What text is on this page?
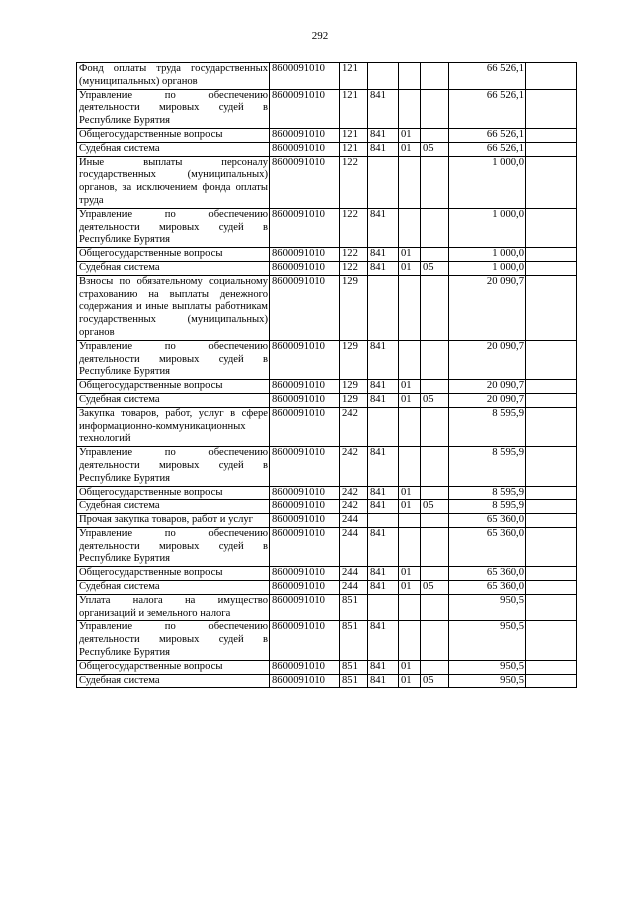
292
Фонд оплаты труда государственных (муниципальных) органов	8600091010	121				66 526,1	
Управление по обеспечению деятельности мировых судей в Республике Бурятия	8600091010	121	841			66 526,1	
Общегосударственные вопросы	8600091010	121	841	01		66 526,1	
Судебная система	8600091010	121	841	01	05	66 526,1	
Иные выплаты персоналу государственных (муниципальных) органов, за исключением фонда оплаты труда	8600091010	122				1 000,0	
Управление по обеспечению деятельности мировых судей в Республике Бурятия	8600091010	122	841			1 000,0	
Общегосударственные вопросы	8600091010	122	841	01		1 000,0	
Судебная система	8600091010	122	841	01	05	1 000,0	
Взносы по обязательному социальному страхованию на выплаты денежного содержания и иные выплаты работникам государственных (муниципальных) органов	8600091010	129				20 090,7	
Управление по обеспечению деятельности мировых судей в Республике Бурятия	8600091010	129	841			20 090,7	
Общегосударственные вопросы	8600091010	129	841	01		20 090,7	
Судебная система	8600091010	129	841	01	05	20 090,7	
Закупка товаров, работ, услуг в сфере информационно-коммуникационных технологий	8600091010	242				8 595,9	
Управление по обеспечению деятельности мировых судей в Республике Бурятия	8600091010	242	841			8 595,9	
Общегосударственные вопросы	8600091010	242	841	01		8 595,9	
Судебная система	8600091010	242	841	01	05	8 595,9	
Прочая закупка товаров, работ и услуг	8600091010	244				65 360,0	
Управление по обеспечению деятельности мировых судей в Республике Бурятия	8600091010	244	841			65 360,0	
Общегосударственные вопросы	8600091010	244	841	01		65 360,0	
Судебная система	8600091010	244	841	01	05	65 360,0	
Уплата налога на имущество организаций и земельного налога	8600091010	851				950,5	
Управление по обеспечению деятельности мировых судей в Республике Бурятия	8600091010	851	841			950,5	
Общегосударственные вопросы	8600091010	851	841	01		950,5	
Судебная система	8600091010	851	841	01	05	950,5	
